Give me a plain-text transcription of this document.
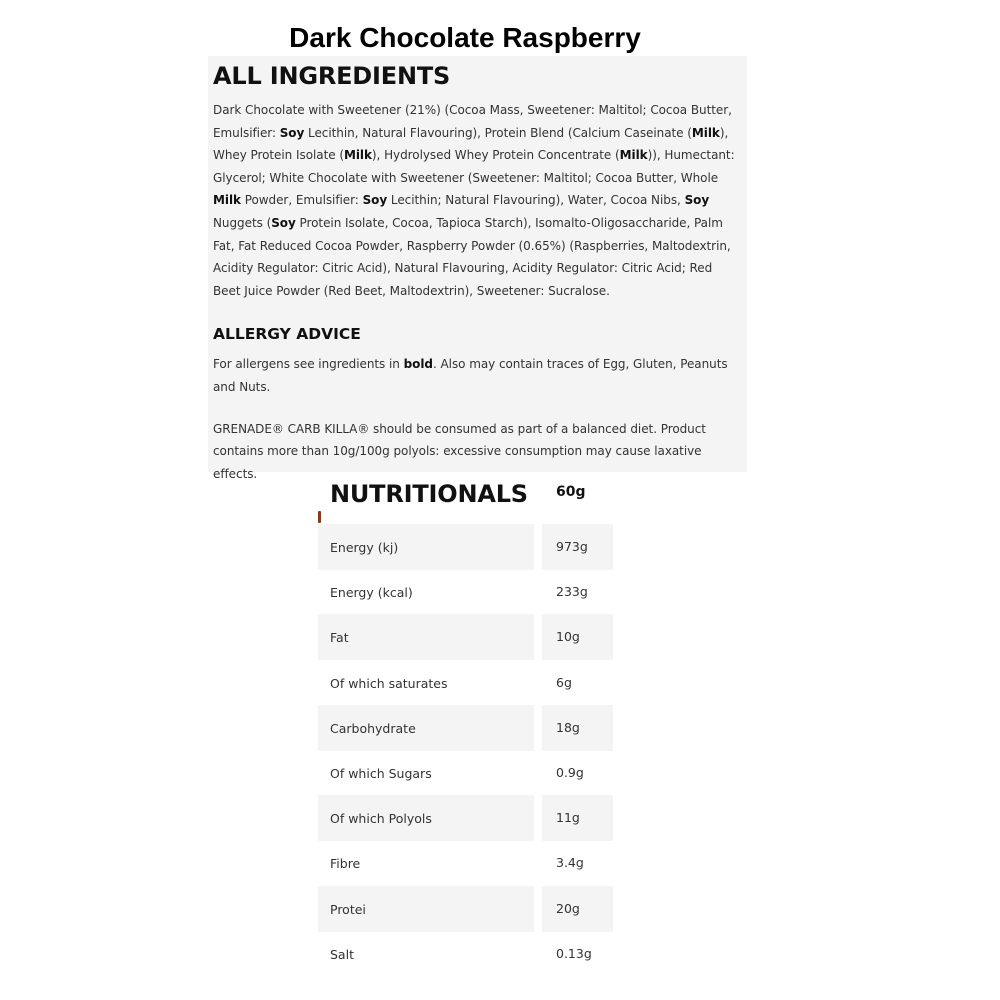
Dark Chocolate Raspberry
ALL INGREDIENTS

Dark Chocolate with Sweetener (21%) (Cocoa Mass, Sweetener: Maltitol; Cocoa Butter, Emulsifier: Soy Lecithin, Natural Flavouring), Protein Blend (Calcium Caseinate (Milk), Whey Protein Isolate (Milk), Hydrolysed Whey Protein Concentrate (Milk)), Humectant: Glycerol; White Chocolate with Sweetener (Sweetener: Maltitol; Cocoa Butter, Whole Milk Powder, Emulsifier: Soy Lecithin; Natural Flavouring), Water, Cocoa Nibs, Soy Nuggets (Soy Protein Isolate, Cocoa, Tapioca Starch), Isomalto-Oligosaccharide, Palm Fat, Fat Reduced Cocoa Powder, Raspberry Powder (0.65%) (Raspberries, Maltodextrin, Acidity Regulator: Citric Acid), Natural Flavouring, Acidity Regulator: Citric Acid; Red Beet Juice Powder (Red Beet, Maltodextrin), Sweetener: Sucralose.

ALLERGY ADVICE

For allergens see ingredients in bold. Also may contain traces of Egg, Gluten, Peanuts and Nuts.

GRENADE® CARB KILLA® should be consumed as part of a balanced diet. Product contains more than 10g/100g polyols: excessive consumption may cause laxative effects.

NUTRITIONALS 60g
Energy (kj)	973g
Energy (kcal)	233g
Fat	10g
Of which saturates	6g
Carbohydrate	18g
Of which Sugars	0.9g
Of which Polyols	11g
Fibre	3.4g
Protei	20g
Salt	0.13g
